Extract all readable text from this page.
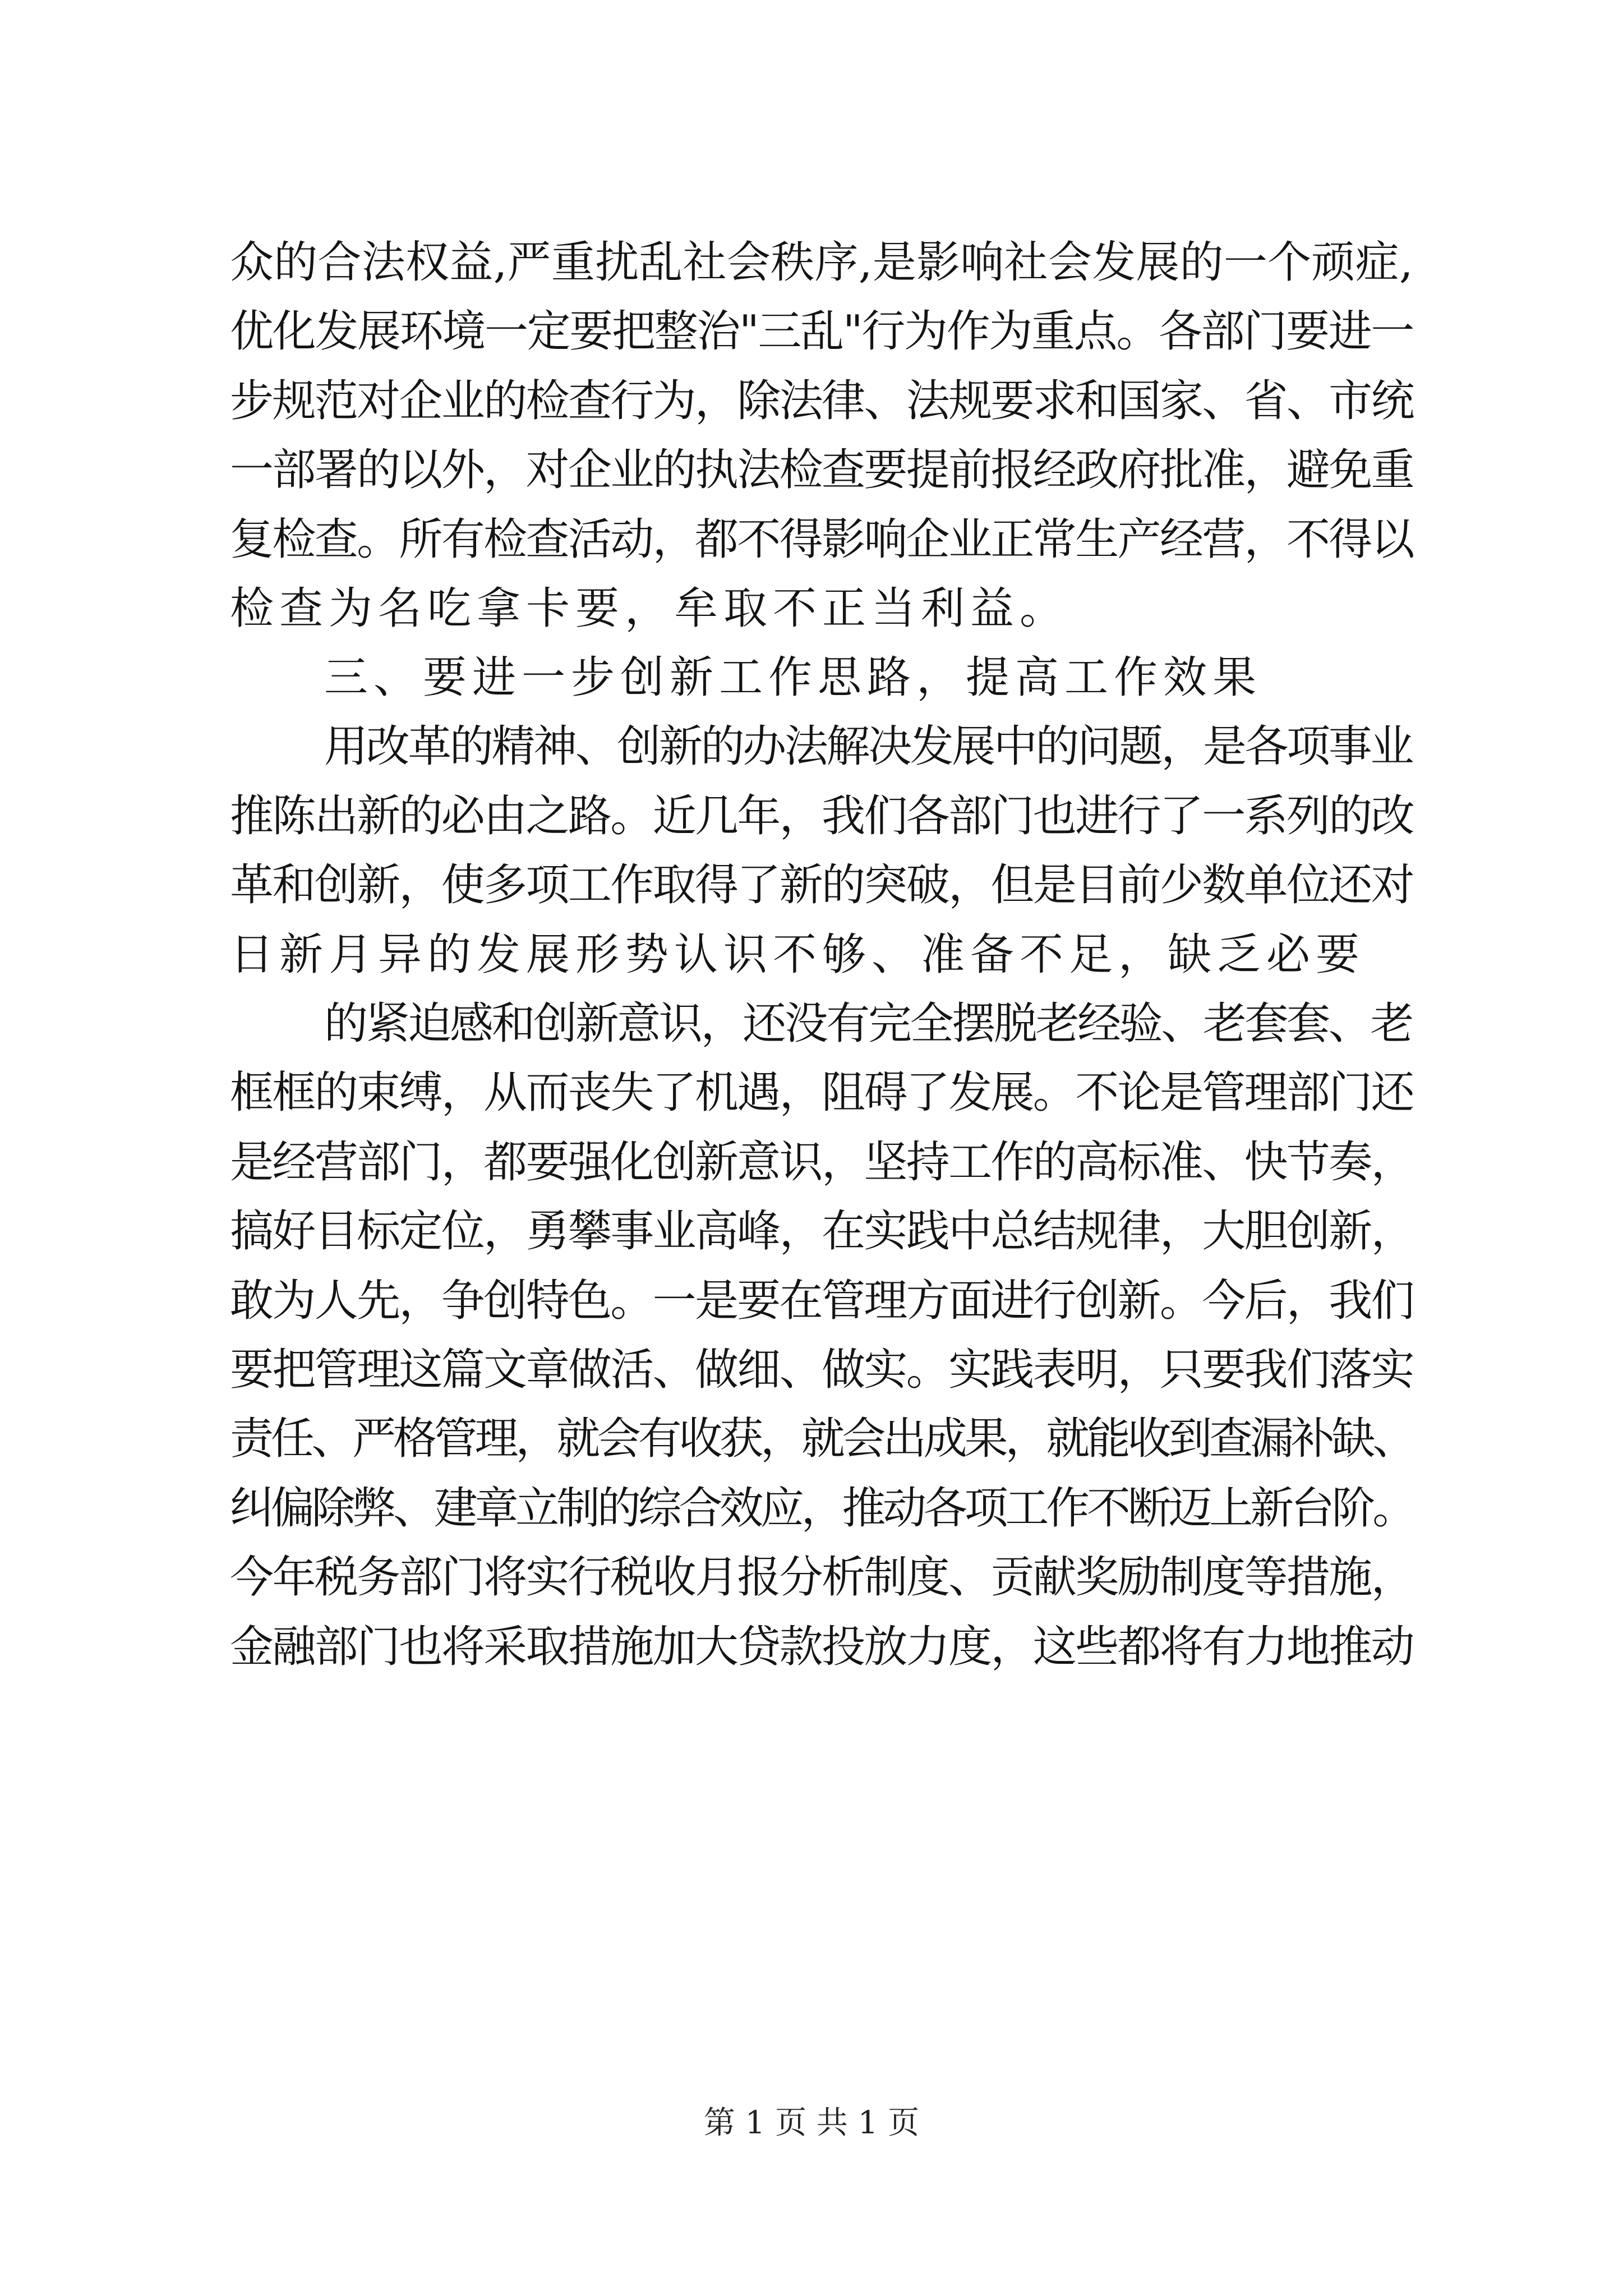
众的合法权益,严重扰乱社会秩序,是影响社会发展的一个顽症,
优化发展环境一定要把整治"三乱"行为作为重点。各部门要进一
步规范对企业的检查行为，除法律、法规要求和国家、省、市统
一部署的以外，对企业的执法检查要提前报经政府批准，避免重
复检查。所有检查活动，都不得影响企业正常生产经营，不得以
检查为名吃拿卡要，牟取不正当利益。
三、要进一步创新工作思路，提高工作效果
用改革的精神、创新的办法解决发展中的问题，是各项事业
推陈出新的必由之路。近几年，我们各部门也进行了一系列的改
革和创新，使多项工作取得了新的突破，但是目前少数单位还对
日新月异的发展形势认识不够、准备不足，缺乏必要
的紧迫感和创新意识，还没有完全摆脱老经验、老套套、老
框框的束缚，从而丧失了机遇，阻碍了发展。不论是管理部门还
是经营部门，都要强化创新意识，坚持工作的高标准、快节奏，
搞好目标定位，勇攀事业高峰，在实践中总结规律，大胆创新，
敢为人先，争创特色。一是要在管理方面进行创新。今后，我们
要把管理这篇文章做活、做细、做实。实践表明，只要我们落实
责任、严格管理，就会有收获，就会出成果，就能收到查漏补缺、
纠偏除弊、建章立制的综合效应，推动各项工作不断迈上新台阶。
今年税务部门将实行税收月报分析制度、贡献奖励制度等措施，
金融部门也将采取措施加大贷款投放力度，这些都将有力地推动
第 1 页 共 1 页
